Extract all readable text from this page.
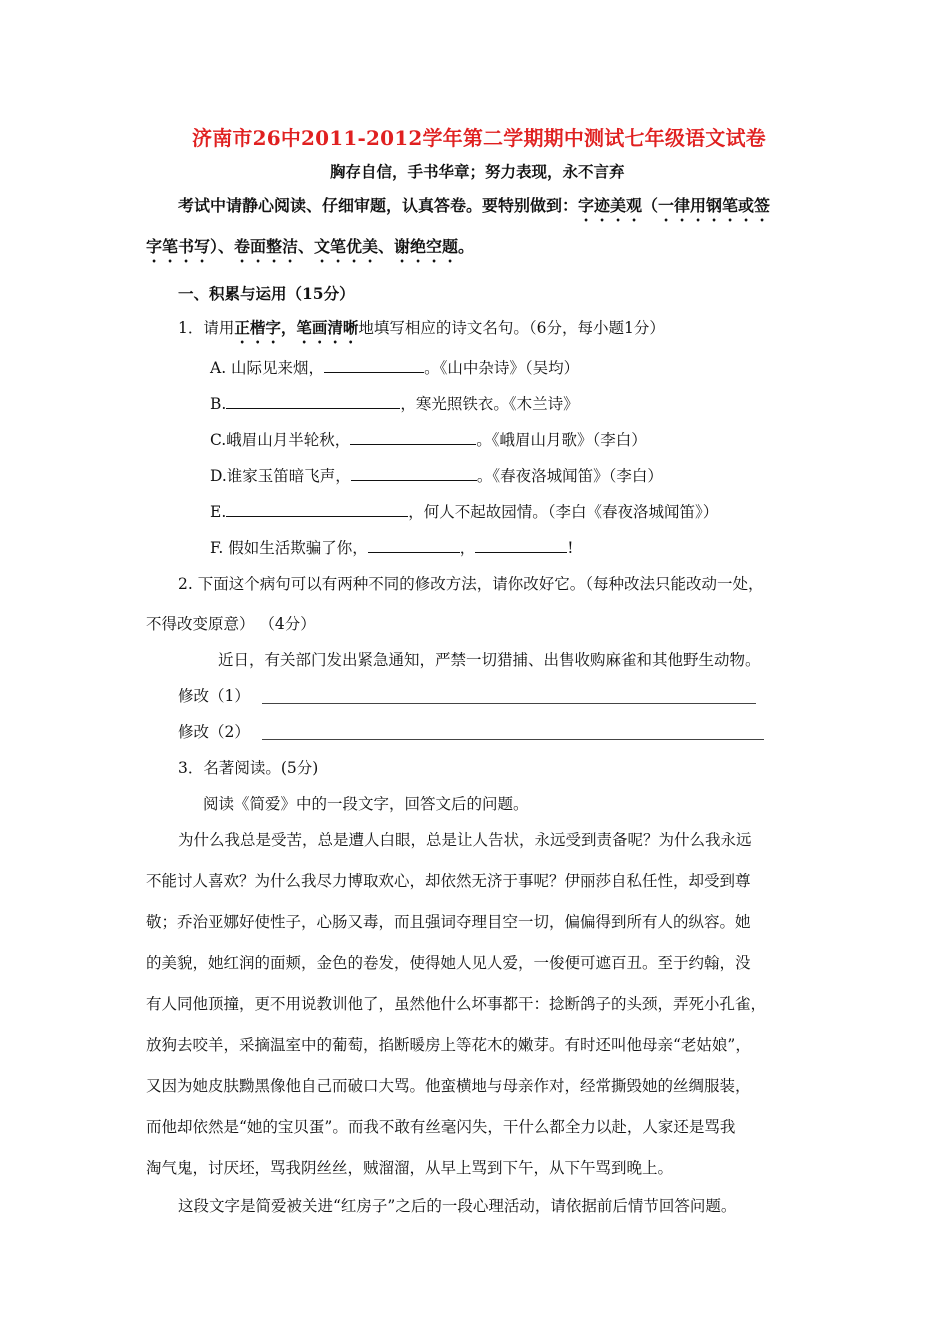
济南市26中2011-2012学年第二学期期中测试七年级语文试卷
胸存自信，手书华章；努力表现，永不言弃
考试中请静心阅读、仔细审题，认真答卷。要特别做到：字迹美观（一律用钢笔或签
字笔书写）、卷面整洁、文笔优美、谢绝空题。
一、积累与运用（15分）
1．请用正楷字，笔画清晰地填写相应的诗文名句。（6分，每小题1分）
A. 山际见来烟，	。《山中杂诗》（吴均）
B.	，寒光照铁衣。《木兰诗》
C.峨眉山月半轮秋，	。《峨眉山月歌》（李白）
D.谁家玉笛暗飞声，	。《春夜洛城闻笛》（李白）
E.	，何人不起故园情。（李白《春夜洛城闻笛》）
F. 假如生活欺骗了你，	，	!
2. 下面这个病句可以有两种不同的修改方法，请你改好它。（每种改法只能改动一处，
不得改变原意） （4分）
近日，有关部门发出紧急通知，严禁一切猎捕、出售收购麻雀和其他野生动物。
修改（1）
修改（2）
3．名著阅读。(5分)
阅读《简爱》中的一段文字，回答文后的问题。
为什么我总是受苦，总是遭人白眼，总是让人告状，永远受到责备呢？为什么我永远
不能讨人喜欢？为什么我尽力博取欢心，却依然无济于事呢？伊丽莎自私任性，却受到尊
敬；乔治亚娜好使性子，心肠又毒，而且强词夺理目空一切，偏偏得到所有人的纵容。她
的美貌，她红润的面颊，金色的卷发，使得她人见人爱，一俊便可遮百丑。至于约翰，没
有人同他顶撞，更不用说教训他了，虽然他什么坏事都干：捻断鸽子的头颈，弄死小孔雀，
放狗去咬羊，采摘温室中的葡萄，掐断暖房上等花木的嫩芽。有时还叫他母亲“老姑娘”，
又因为她皮肤黝黑像他自己而破口大骂。他蛮横地与母亲作对，经常撕毁她的丝绸服装，
而他却依然是“她的宝贝蛋”。而我不敢有丝毫闪失，干什么都全力以赴，人家还是骂我
淘气鬼，讨厌坯，骂我阴丝丝，贼溜溜，从早上骂到下午，从下午骂到晚上。
这段文字是简爱被关进“红房子”之后的一段心理活动，请依据前后情节回答问题。
